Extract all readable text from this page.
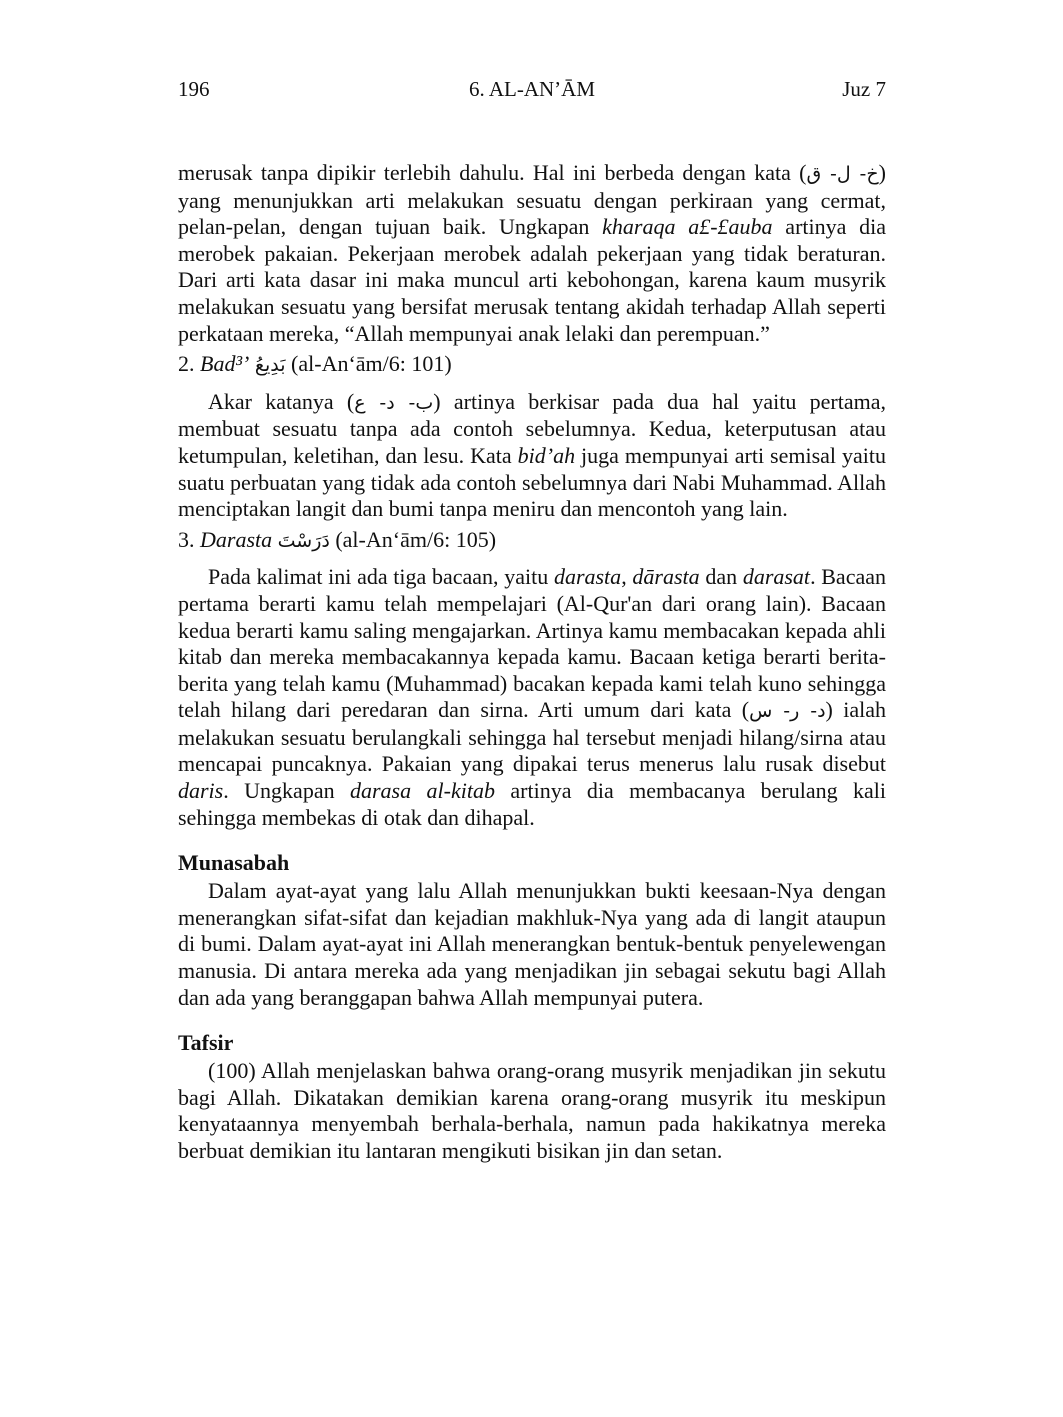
196	6. AL-AN’ĀM	Juz 7

merusak tanpa dipikir terlebih dahulu. Hal ini berbeda dengan kata (خ- ل- ق) yang menunjukkan arti melakukan sesuatu dengan perkiraan yang cermat, pelan-pelan, dengan tujuan baik. Ungkapan kharaqa a£-£auba artinya dia merobek pakaian. Pekerjaan merobek adalah pekerjaan yang tidak beraturan. Dari arti kata dasar ini maka muncul arti kebohongan, karena kaum musyrik melakukan sesuatu yang bersifat merusak tentang akidah terhadap Allah seperti perkataan mereka, “Allah mempunyai anak lelaki dan perempuan.”

2. Bad³’ بَدِيعُ (al-An‘ām/6: 101)

Akar katanya (ب- د- ع) artinya berkisar pada dua hal yaitu pertama, membuat sesuatu tanpa ada contoh sebelumnya. Kedua, keterputusan atau ketumpulan, keletihan, dan lesu. Kata bid’ah juga mempunyai arti semisal yaitu suatu perbuatan yang tidak ada contoh sebelumnya dari Nabi Muhammad. Allah menciptakan langit dan bumi tanpa meniru dan mencontoh yang lain.

3. Darasta دَرَسْتَ (al-An‘ām/6: 105)

Pada kalimat ini ada tiga bacaan, yaitu darasta, dārasta dan darasat. Bacaan pertama berarti kamu telah mempelajari (Al-Qur'an dari orang lain). Bacaan kedua berarti kamu saling mengajarkan. Artinya kamu membacakan kepada ahli kitab dan mereka membacakannya kepada kamu. Bacaan ketiga berarti berita-berita yang telah kamu (Muhammad) bacakan kepada kami telah kuno sehingga telah hilang dari peredaran dan sirna. Arti umum dari kata (د- ر- س) ialah melakukan sesuatu berulangkali sehingga hal tersebut menjadi hilang/sirna atau mencapai puncaknya. Pakaian yang dipakai terus menerus lalu rusak disebut daris. Ungkapan darasa al-kitab artinya dia membacanya berulang kali sehingga membekas di otak dan dihapal.

Munasabah

Dalam ayat-ayat yang lalu Allah menunjukkan bukti keesaan-Nya dengan menerangkan sifat-sifat dan kejadian makhluk-Nya yang ada di langit ataupun di bumi. Dalam ayat-ayat ini Allah menerangkan bentuk-bentuk penyelewengan manusia. Di antara mereka ada yang menjadikan jin sebagai sekutu bagi Allah dan ada yang beranggapan bahwa Allah mempunyai putera.

Tafsir

(100) Allah menjelaskan bahwa orang-orang musyrik menjadikan jin sekutu bagi Allah. Dikatakan demikian karena orang-orang musyrik itu meskipun kenyataannya menyembah berhala-berhala, namun pada hakikatnya mereka berbuat demikian itu lantaran mengikuti bisikan jin dan setan.
